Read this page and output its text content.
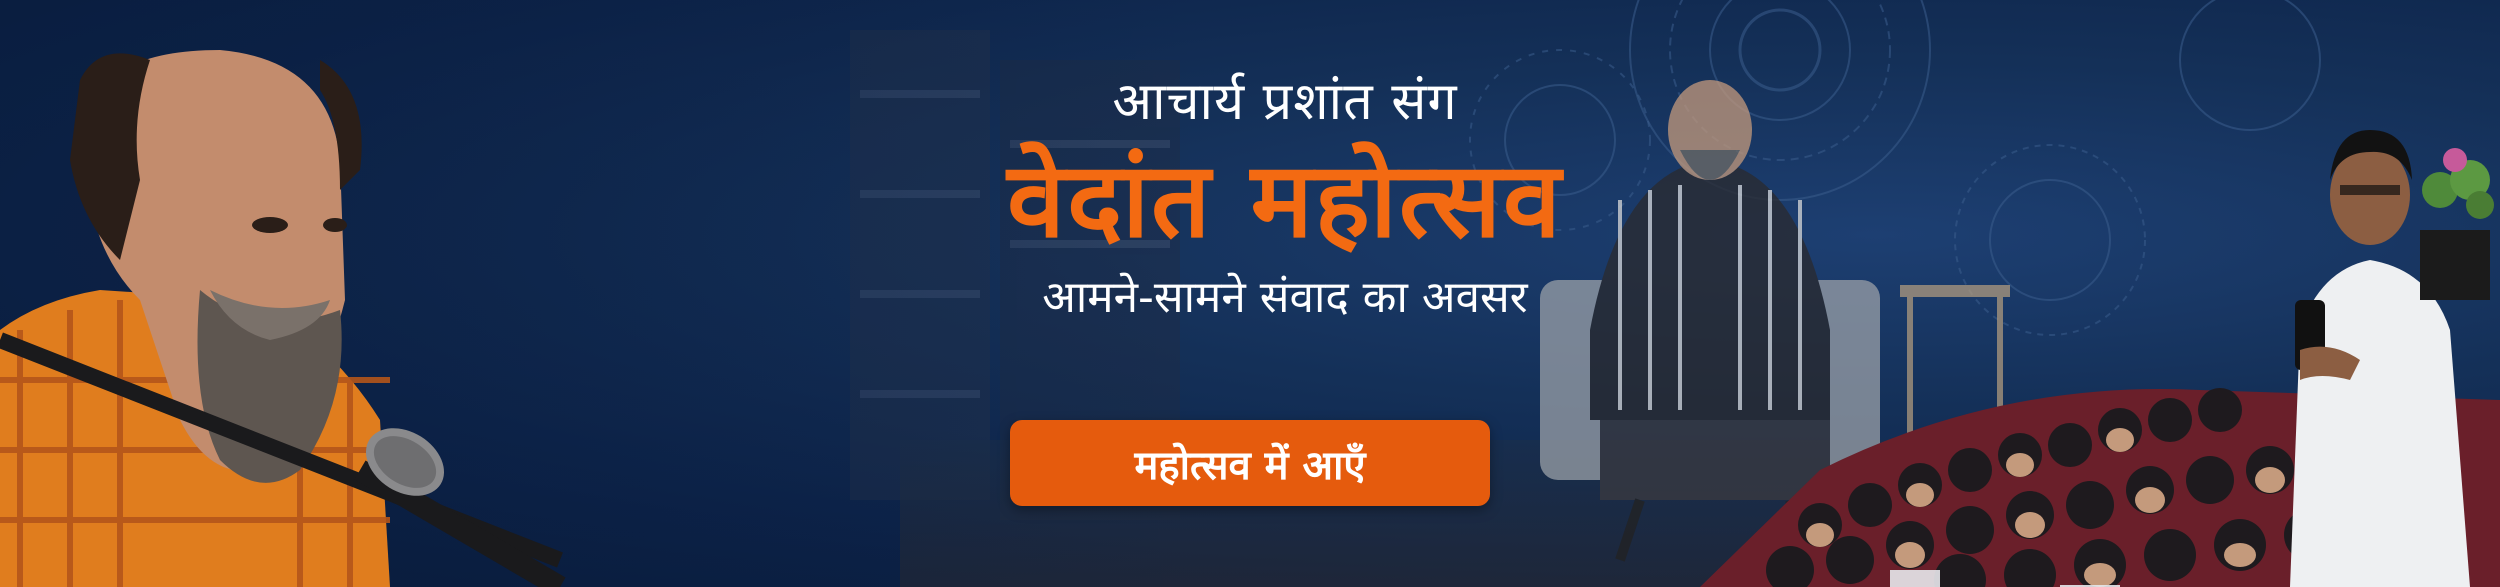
आचार्य प्रशांत संग
वेदांत महोत्सव

आमने-सामने संवाद का अवसर

महोत्सव में आएँ
